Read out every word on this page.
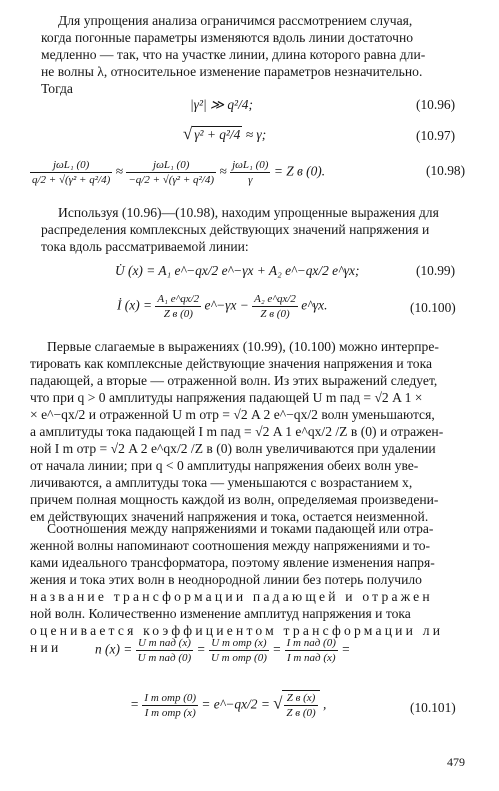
Для упрощения анализа ограничимся рассмотрением случая,
когда погонные параметры изменяются вдоль линии достаточно
медленно — так, что на участке линии, длина которого равна дли-
не волны λ, относительное изменение параметров незначительно.
Тогда
|γ²| ≫ q²/4;	(10.96)
√ γ² + q²/4 ≈ γ;	(10.97)
$\frac{\text{jωL₁ (0)}}{\text{q/2 + √(γ² + q²/4)}} \approx \frac{\text{jωL₁ (0)}}{\text{−q/2 + √(γ² + q²/4)}} \approx \frac{\text{jωL₁ (0)}}{\gamma} = Z$ в (0).	(10.98)
Используя (10.96)—(10.98), находим упрощенные выражения для
распределения комплексных действующих значений напряжения и
тока вдоль рассматриваемой линии:
U̇ (x) = A₁ e^−qx/2 e^−γx + A₂ e^−qx/2 e^γx;	(10.99)
İ $(x) = \frac{\text{A₁ e\textasciicircum{}qx/2}}{\text{Z в (0)}}$ e^−γx − $\frac{\text{A₂ e\textasciicircum{}qx/2}}{\text{Z в (0)}}$ e^γx.	(10.100)
Первые слагаемые в выражениях (10.99), (10.100) можно интерпре-
тировать как комплексные действующие значения напряжения и тока
падающей, а вторые — отраженной волн. Из этих выражений следует,
что при q > 0 амплитуды напряжения падающей U m пад = √2 A 1 ×
× e^−qx/2 и отраженной U m отр = √2 A 2 e^−qx/2 волн уменьшаются,
а амплитуды тока падающей I m пад = √2 A 1 e^qx/2 /Z в (0) и отражен-
ной I m отр = √2 A 2 e^qx/2 /Z в (0) волн увеличиваются при удалении
от начала линии; при q < 0 амплитуды напряжения обеих волн уве-
личиваются, а амплитуды тока — уменьшаются с возрастанием x,
причем полная мощность каждой из волн, определяемая произведени-
ем действующих значений напряжения и тока, остается неизменной.
Соотношения между напряжениями и токами падающей или отра-
женной волны напоминают соотношения между напряжениями и то-
ками идеального трансформатора, поэтому явление изменения напря-
жения и тока этих волн в неоднородной линии без потерь получило
название трансформации падающей и отражен
ной волн. Количественно изменение амплитуд напряжения и тока
оценивается коэффициентом трансформации ли
нии	n $(x) = \frac{\text{U m пад (x)}}{\text{U m пад (0)}} = \frac{\text{U m отр (x)}}{\text{U m отр (0)}} = \frac{\text{I m пад (0)}}{\text{I m пад (x)}}$ =
= $\frac{\text{I m отр (0)}}{\text{I m отр (x)}}$ = e^−qx/2 = √ $\frac{\text{Z в (x)}}{\text{Z в (0)}}$ ,	(10.101)
479
